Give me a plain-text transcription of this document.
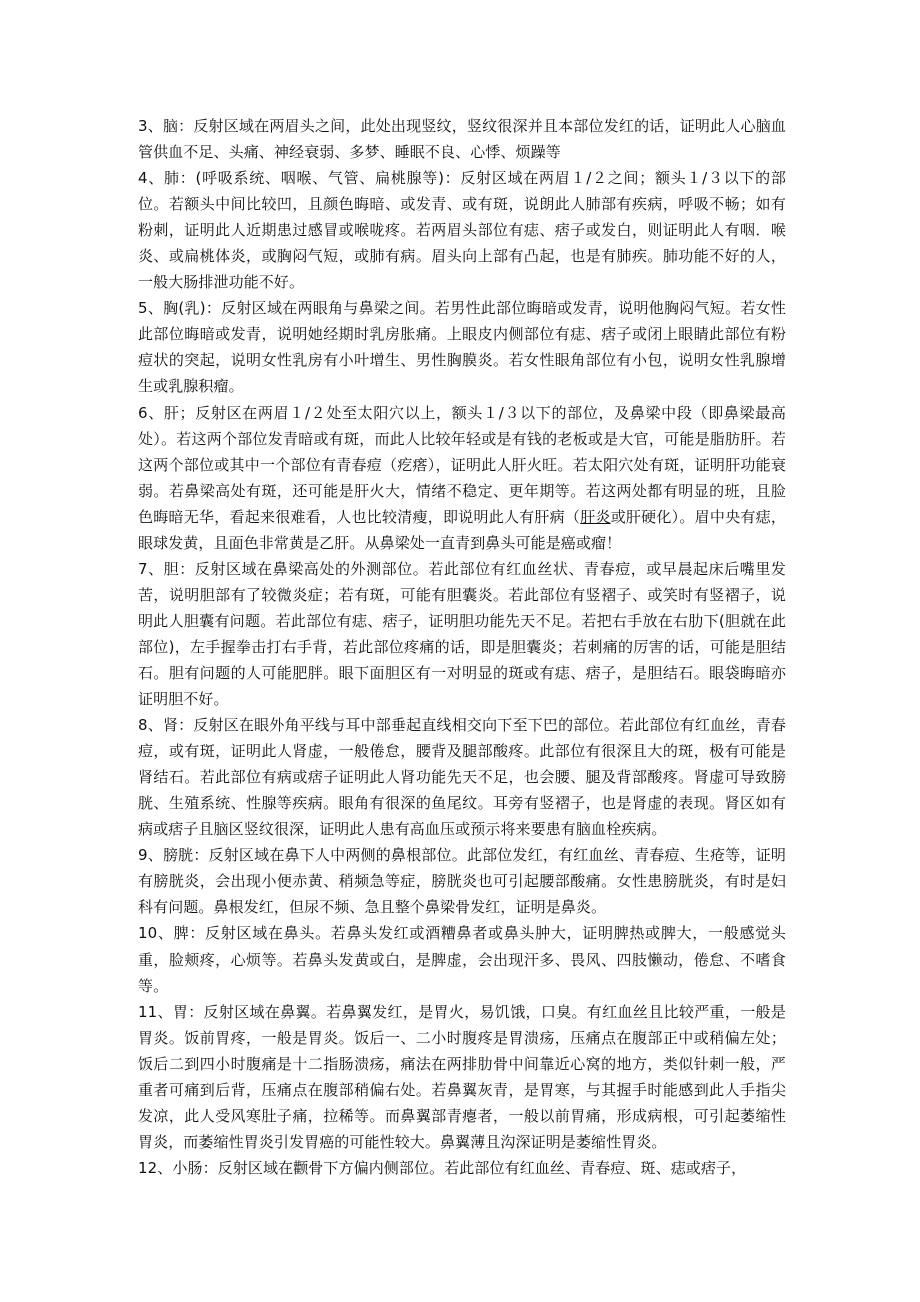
3、脑：反射区域在两眉头之间，此处出现竖纹，竖纹很深并且本部位发红的话，证明此人心脑血管供血不足、头痛、神经衰弱、多梦、睡眠不良、心悸、烦躁等

4、肺：(呼吸系统、咽喉、气管、扁桃腺等)：反射区域在两眉１/２之间；额头１/３以下的部位。若额头中间比较凹，且颜色晦暗、或发青、或有斑，说朗此人肺部有疾病，呼吸不畅；如有粉刺，证明此人近期患过感冒或喉咙疼。若两眉头部位有痣、痞子或发白，则证明此人有咽．喉炎、或扁桃体炎，或胸闷气短，或肺有病。眉头向上部有凸起，也是有肺疾。肺功能不好的人，一般大肠排泄功能不好。

5、胸(乳)：反射区域在两眼角与鼻梁之间。若男性此部位晦暗或发青，说明他胸闷气短。若女性此部位晦暗或发青，说明她经期时乳房胀痛。上眼皮内侧部位有痣、痞子或闭上眼睛此部位有粉痘状的突起，说明女性乳房有小叶增生、男性胸膜炎。若女性眼角部位有小包，说明女性乳腺增生或乳腺积瘤。

6、肝；反射区在两眉１/２处至太阳穴以上，额头１/３以下的部位，及鼻梁中段（即鼻梁最高处）。若这两个部位发青暗或有斑，而此人比较年轻或是有钱的老板或是大官，可能是脂肪肝。若这两个部位或其中一个部位有青春痘（疙瘩），证明此人肝火旺。若太阳穴处有斑，证明肝功能衰弱。若鼻梁高处有斑，还可能是肝火大，情绪不稳定、更年期等。若这两处都有明显的班，且脸色晦暗无华，看起来很难看，人也比较清瘦，即说明此人有肝病（肝炎或肝硬化）。眉中央有痣，眼球发黄，且面色非常黄是乙肝。从鼻梁处一直青到鼻头可能是癌或瘤！

7、胆：反射区域在鼻梁高处的外测部位。若此部位有红血丝状、青春痘，或早晨起床后嘴里发苦，说明胆部有了较微炎症；若有斑，可能有胆囊炎。若此部位有竖褶子、或笑时有竖褶子，说明此人胆囊有问题。若此部位有痣、痞子，证明胆功能先天不足。若把右手放在右肋下(胆就在此部位)，左手握拳击打右手背，若此部位疼痛的话，即是胆囊炎；若刺痛的厉害的话，可能是胆结石。胆有问题的人可能肥胖。眼下面胆区有一对明显的斑或有痣、痞子，是胆结石。眼袋晦暗亦证明胆不好。

8、肾：反射区在眼外角平线与耳中部垂起直线相交向下至下巴的部位。若此部位有红血丝，青春痘，或有斑，证明此人肾虚，一般倦怠，腰背及腿部酸疼。此部位有很深且大的斑，极有可能是肾结石。若此部位有病或痞子证明此人肾功能先天不足，也会腰、腿及背部酸疼。肾虚可导致膀胱、生殖系统、性腺等疾病。眼角有很深的鱼尾纹。耳旁有竖褶子，也是肾虚的表现。肾区如有病或痞子且脑区竖纹很深，证明此人患有高血压或预示将来要患有脑血栓疾病。

9、膀胱：反射区域在鼻下人中两侧的鼻根部位。此部位发红，有红血丝、青春痘、生疮等，证明有膀胱炎，会出现小便赤黄、稍频急等症，膀胱炎也可引起腰部酸痛。女性患膀胱炎，有时是妇科有问题。鼻根发红，但尿不频、急且整个鼻梁骨发红，证明是鼻炎。

10、脾：反射区域在鼻头。若鼻头发红或酒糟鼻者或鼻头肿大，证明脾热或脾大，一般感觉头重，脸颊疼，心烦等。若鼻头发黄或白，是脾虚，会出现汗多、畏风、四肢懒动，倦怠、不嗜食等。

11、胃：反射区域在鼻翼。若鼻翼发红，是胃火，易饥饿，口臭。有红血丝且比较严重，一般是胃炎。饭前胃疼，一般是胃炎。饭后一、二小时腹疼是胃溃疡，压痛点在腹部正中或稍偏左处；饭后二到四小时腹痛是十二指肠溃疡，痛法在两排肋骨中间靠近心窝的地方，类似针刺一般，严重者可痛到后背，压痛点在腹部稍偏右处。若鼻翼灰青，是胃寒，与其握手时能感到此人手指尖发凉，此人受风寒肚子痛，拉稀等。而鼻翼部青瘪者，一般以前胃痛，形成病根，可引起萎缩性胃炎，而萎缩性胃炎引发胃癌的可能性较大。鼻翼薄且沟深证明是萎缩性胃炎。

12、小肠：反射区域在颧骨下方偏内侧部位。若此部位有红血丝、青春痘、斑、痣或痞子，
